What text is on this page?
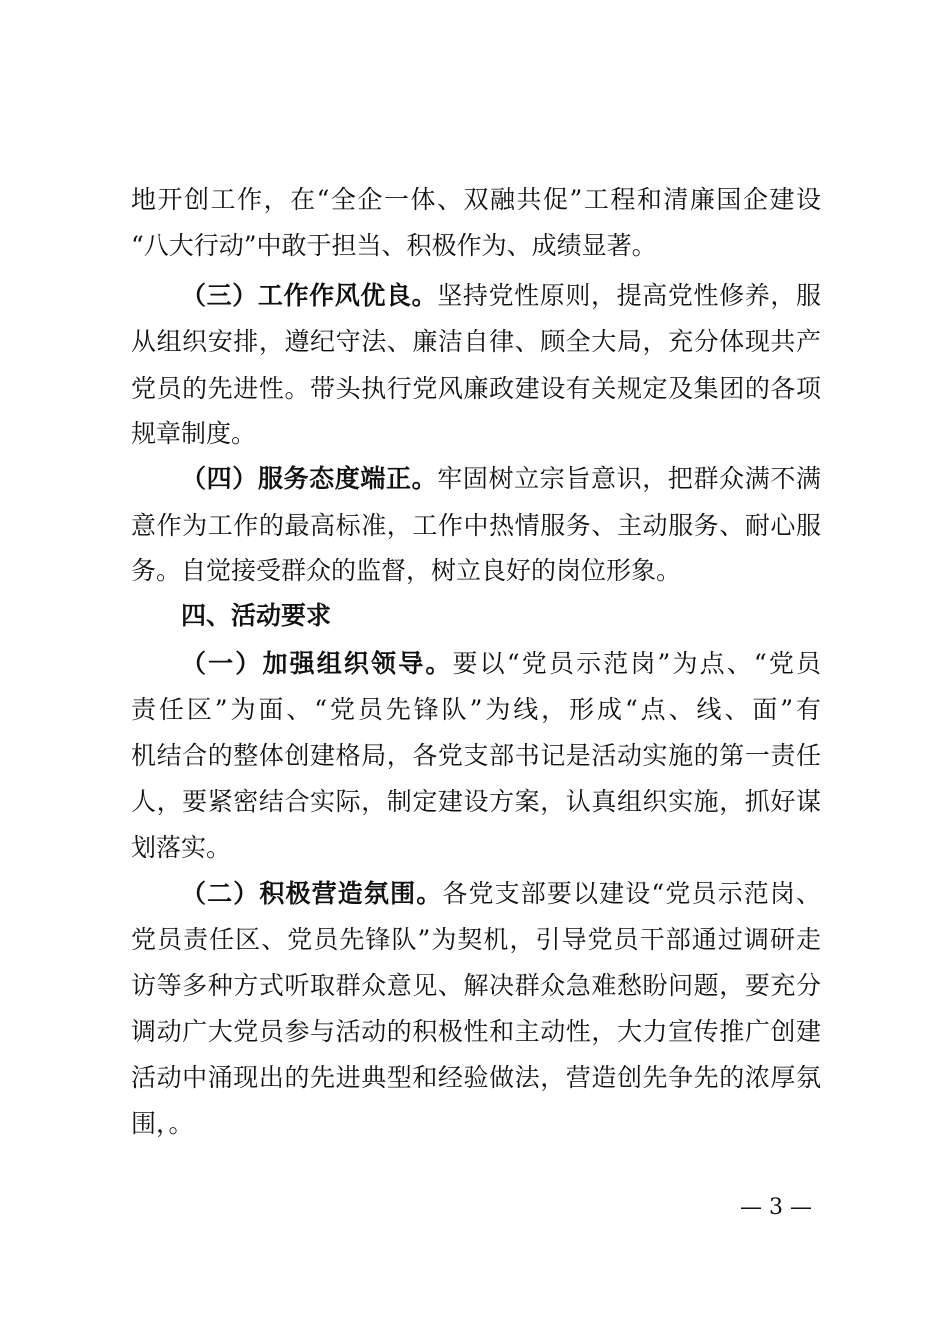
地开创工作，在“全企一体、双融共促”工程和清廉国企建设
“八大行动”中敢于担当、积极作为、成绩显著。
（三）工作作风优良。坚持党性原则，提高党性修养，服
从组织安排，遵纪守法、廉洁自律、顾全大局，充分体现共产
党员的先进性。带头执行党风廉政建设有关规定及集团的各项
规章制度。
（四）服务态度端正。牢固树立宗旨意识，把群众满不满
意作为工作的最高标准，工作中热情服务、主动服务、耐心服
务。自觉接受群众的监督，树立良好的岗位形象。
四、活动要求
（一）加强组织领导。要以“党员示范岗”为点、“党员
责任区”为面、“党员先锋队”为线，形成“点、线、面”有
机结合的整体创建格局，各党支部书记是活动实施的第一责任
人，要紧密结合实际，制定建设方案，认真组织实施，抓好谋
划落实。
（二）积极营造氛围。各党支部要以建设“党员示范岗、
党员责任区、党员先锋队”为契机，引导党员干部通过调研走
访等多种方式听取群众意见、解决群众急难愁盼问题，要充分
调动广大党员参与活动的积极性和主动性，大力宣传推广创建
活动中涌现出的先进典型和经验做法，营造创先争先的浓厚氛
围，。
— 3 —
